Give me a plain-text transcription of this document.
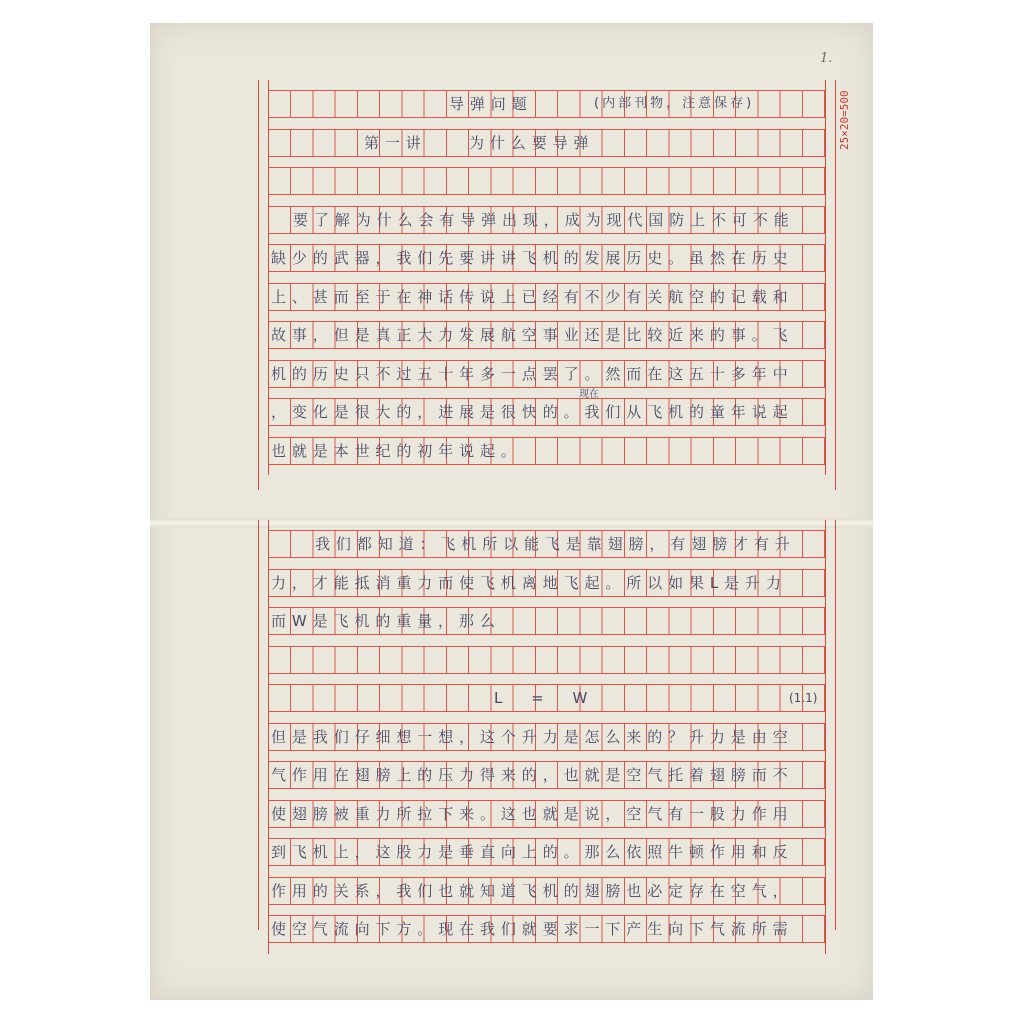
1.
25×20=500
导弹问题	(内部刊物，注意保存)
第一讲	为什么要导弹
要了解为什么会有导弹出现，成为现代国防上不可不能
缺少的武器，我们先要讲讲飞机的发展历史。虽然在历史
上、甚而至于在神话传说上已经有不少有关航空的记载和
故事，但是真正大力发展航空事业还是比较近来的事。飞
机的历史只不过五十年多一点罢了。然而在这五十多年中
现在
，变化是很大的，进展是很快的。我们从飞机的童年说起
也就是本世纪的初年说起。
我们都知道：飞机所以能飞是靠翅膀，有翅膀才有升
力，才能抵消重力而使飞机离地飞起。所以如果L是升力
而W是飞机的重量，那么
L = W	(1.1)
但是我们仔细想一想，这个升力是怎么来的？升力是由空
气作用在翅膀上的压力得来的，也就是空气托着翅膀而不
使翅膀被重力所拉下来。这也就是说，空气有一股力作用
到飞机上，这股力是垂直向上的。那么依照牛顿作用和反
作用的关系，我们也就知道飞机的翅膀也必定存在空气，
使空气流向下方。现在我们就要求一下产生向下气流所需
